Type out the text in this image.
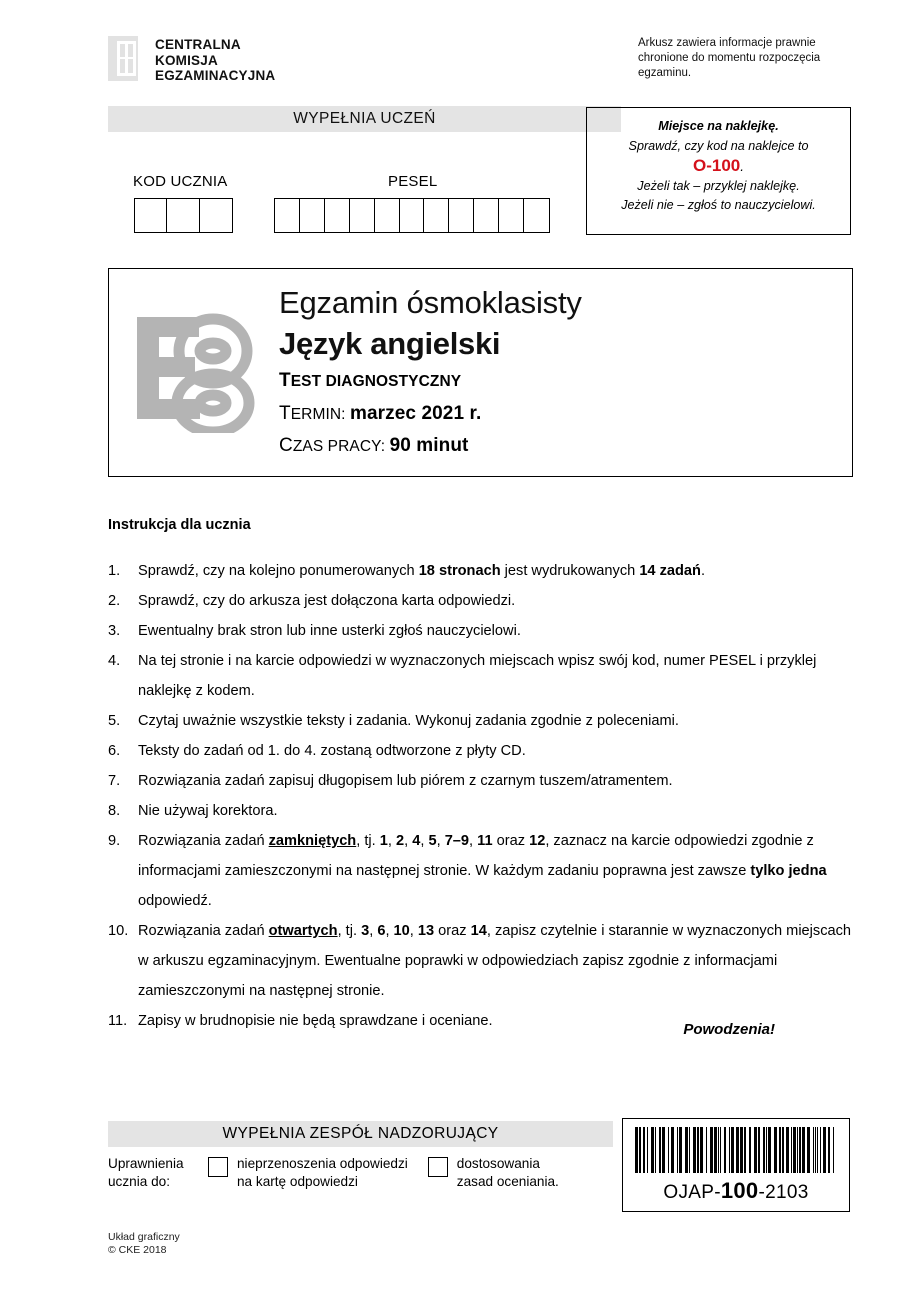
CENTRALNA
KOMISJA
EGZAMINACYJNA
Arkusz zawiera informacje prawnie chronione do momentu rozpoczęcia egzaminu.
WYPEŁNIA UCZEŃ
KOD UCZNIA	PESEL
Miejsce na naklejkę.
Sprawdź, czy kod na naklejce to
O-100.
Jeżeli tak – przyklej naklejkę.
Jeżeli nie – zgłoś to nauczycielowi.
Egzamin ósmoklasisty
Język angielski
TEST DIAGNOSTYCZNY
TERMIN: marzec 2021 r.
CZAS PRACY: 90 minut
Instrukcja dla ucznia
1.	Sprawdź, czy na kolejno ponumerowanych 18 stronach jest wydrukowanych 14 zadań.
2.	Sprawdź, czy do arkusza jest dołączona karta odpowiedzi.
3.	Ewentualny brak stron lub inne usterki zgłoś nauczycielowi.
4.	Na tej stronie i na karcie odpowiedzi w wyznaczonych miejscach wpisz swój kod, numer PESEL i przyklej naklejkę z kodem.
5.	Czytaj uważnie wszystkie teksty i zadania. Wykonuj zadania zgodnie z poleceniami.
6.	Teksty do zadań od 1. do 4. zostaną odtworzone z płyty CD.
7.	Rozwiązania zadań zapisuj długopisem lub piórem z czarnym tuszem/atramentem.
8.	Nie używaj korektora.
9.	Rozwiązania zadań zamkniętych, tj. 1, 2, 4, 5, 7–9, 11 oraz 12, zaznacz na karcie odpowiedzi zgodnie z informacjami zamieszczonymi na następnej stronie. W każdym zadaniu poprawna jest zawsze tylko jedna odpowiedź.
10. Rozwiązania zadań otwartych, tj. 3, 6, 10, 13 oraz 14, zapisz czytelnie i starannie w wyznaczonych miejscach w arkuszu egzaminacyjnym. Ewentualne poprawki w odpowiedziach zapisz zgodnie z informacjami zamieszczonymi na następnej stronie.
11. Zapisy w brudnopisie nie będą sprawdzane i oceniane.	Powodzenia!
WYPEŁNIA ZESPÓŁ NADZORUJĄCY
Uprawnienia
ucznia do:
nieprzenoszenia odpowiedzi
na kartę odpowiedzi
dostosowania
zasad oceniania.
OJAP-100-2103
Układ graficzny
© CKE 2018
